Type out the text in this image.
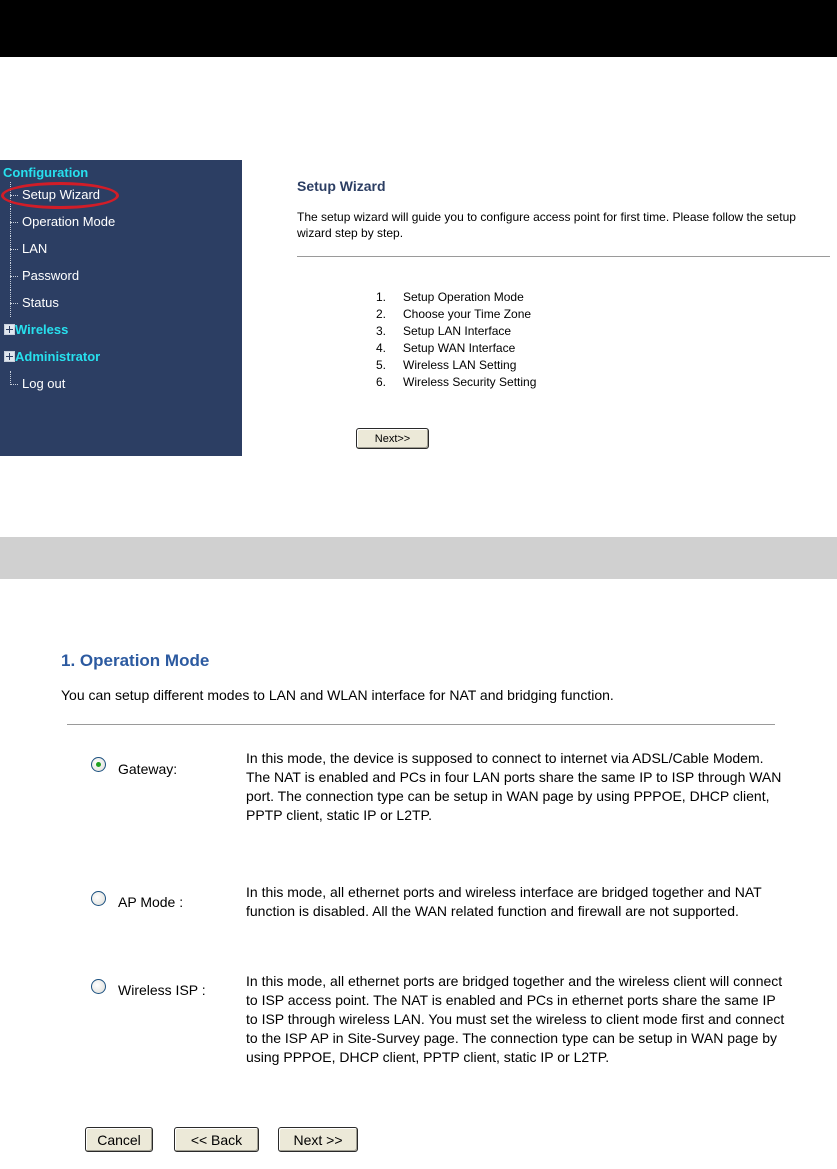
Configuration
Setup Wizard
Operation Mode
LAN
Password
Status
Wireless
Administrator
Log out
Setup Wizard
The setup wizard will guide you to configure access point for first time. Please follow the setup wizard step by step.
1. Setup Operation Mode
2. Choose your Time Zone
3. Setup LAN Interface
4. Setup WAN Interface
5. Wireless LAN Setting
6. Wireless Security Setting
Next>>
1. Operation Mode
You can setup different modes to LAN and WLAN interface for NAT and bridging function.
Gateway:
In this mode, the device is supposed to connect to internet via ADSL/Cable Modem. The NAT is enabled and PCs in four LAN ports share the same IP to ISP through WAN port. The connection type can be setup in WAN page by using PPPOE, DHCP client, PPTP client, static IP or L2TP.
AP Mode :
In this mode, all ethernet ports and wireless interface are bridged together and NAT function is disabled. All the WAN related function and firewall are not supported.
Wireless ISP :
In this mode, all ethernet ports are bridged together and the wireless client will connect to ISP access point. The NAT is enabled and PCs in ethernet ports share the same IP to ISP through wireless LAN. You must set the wireless to client mode first and connect to the ISP AP in Site-Survey page. The connection type can be setup in WAN page by using PPPOE, DHCP client, PPTP client, static IP or L2TP.
Cancel	<< Back	Next >>
